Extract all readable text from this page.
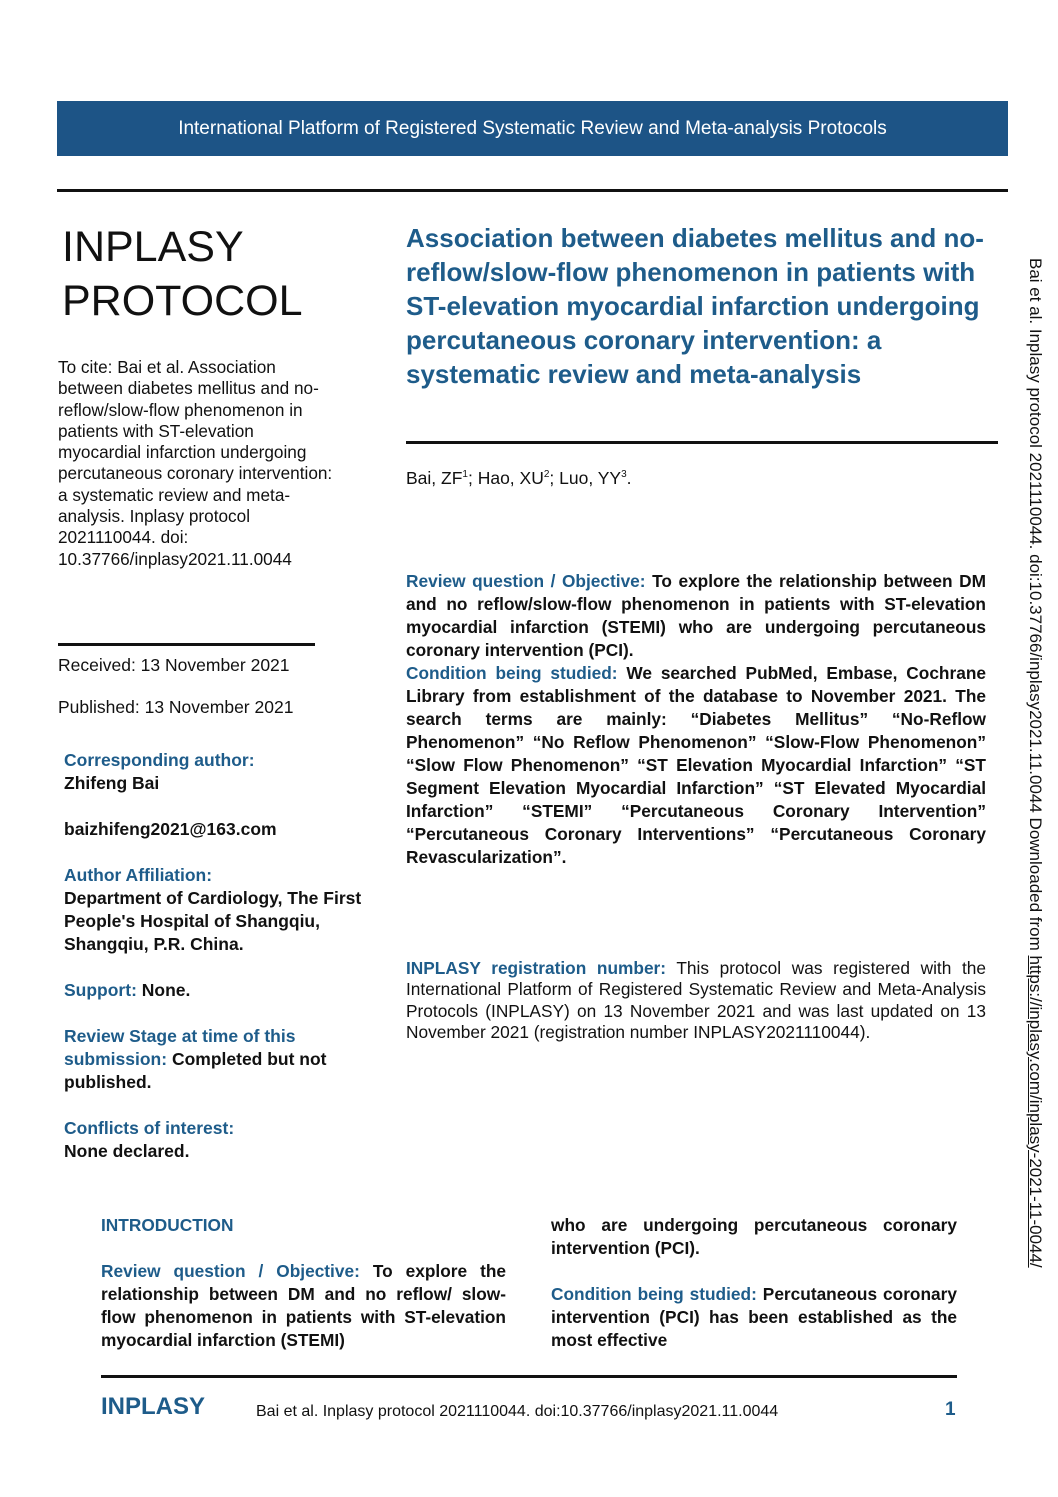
International Platform of Registered Systematic Review and Meta-analysis Protocols
INPLASY
PROTOCOL
To cite: Bai et al. Association between diabetes mellitus and no-reflow/slow-flow phenomenon in patients with ST-elevation myocardial infarction undergoing percutaneous coronary intervention: a systematic review and meta-analysis. Inplasy protocol 2021110044. doi: 10.37766/inplasy2021.11.0044
Received: 13 November 2021
Published: 13 November 2021

Corresponding author:
Zhifeng Bai

baizhifeng2021@163.com

Author Affiliation:
Department of Cardiology, The First People's Hospital of Shangqiu, Shangqiu, P.R. China.

Support: None.

Review Stage at time of this submission: Completed but not published.

Conflicts of interest:
None declared.

Association between diabetes mellitus and no-reflow/slow-flow phenomenon in patients with ST-elevation myocardial infarction undergoing percutaneous coronary intervention: a systematic review and meta-analysis
Bai, $ZF^1$; Hao, $XU^2$; Luo, $YY^3$.

Review question / Objective: To explore the relationship between DM and no reflow/slow-flow phenomenon in patients with ST-elevation myocardial infarction (STEMI) who are undergoing percutaneous coronary intervention (PCI).

Condition being studied: We searched PubMed, Embase, Cochrane Library from establishment of the database to November 2021. The search terms are mainly: “Diabetes Mellitus” “No-Reflow Phenomenon” “No Reflow Phenomenon” “Slow-Flow Phenomenon” “Slow Flow Phenomenon” “ST Elevation Myocardial Infarction” “ST Segment Elevation Myocardial Infarction” “ST Elevated Myocardial Infarction” “STEMI” “Percutaneous Coronary Intervention” “Percutaneous Coronary Interventions” “Percutaneous Coronary Revascularization”.

INPLASY registration number: This protocol was registered with the International Platform of Registered Systematic Review and Meta-Analysis Protocols (INPLASY) on 13 November 2021 and was last updated on 13 November 2021 (registration number INPLASY2021110044).

INTRODUCTION

Review question / Objective: To explore the relationship between DM and no reflow/ slow-flow phenomenon in patients with ST-elevation myocardial infarction (STEMI)

who are undergoing percutaneous coronary intervention (PCI).

Condition being studied: Percutaneous coronary intervention (PCI) has been established as the most effective

INPLASY	Bai et al. Inplasy protocol 2021110044. doi:10.37766/inplasy2021.11.0044	1
Bai et al. Inplasy protocol 2021110044. doi:10.37766/inplasy2021.11.0044 Downloaded from https://inplasy.com/inplasy-2021-11-0044/
